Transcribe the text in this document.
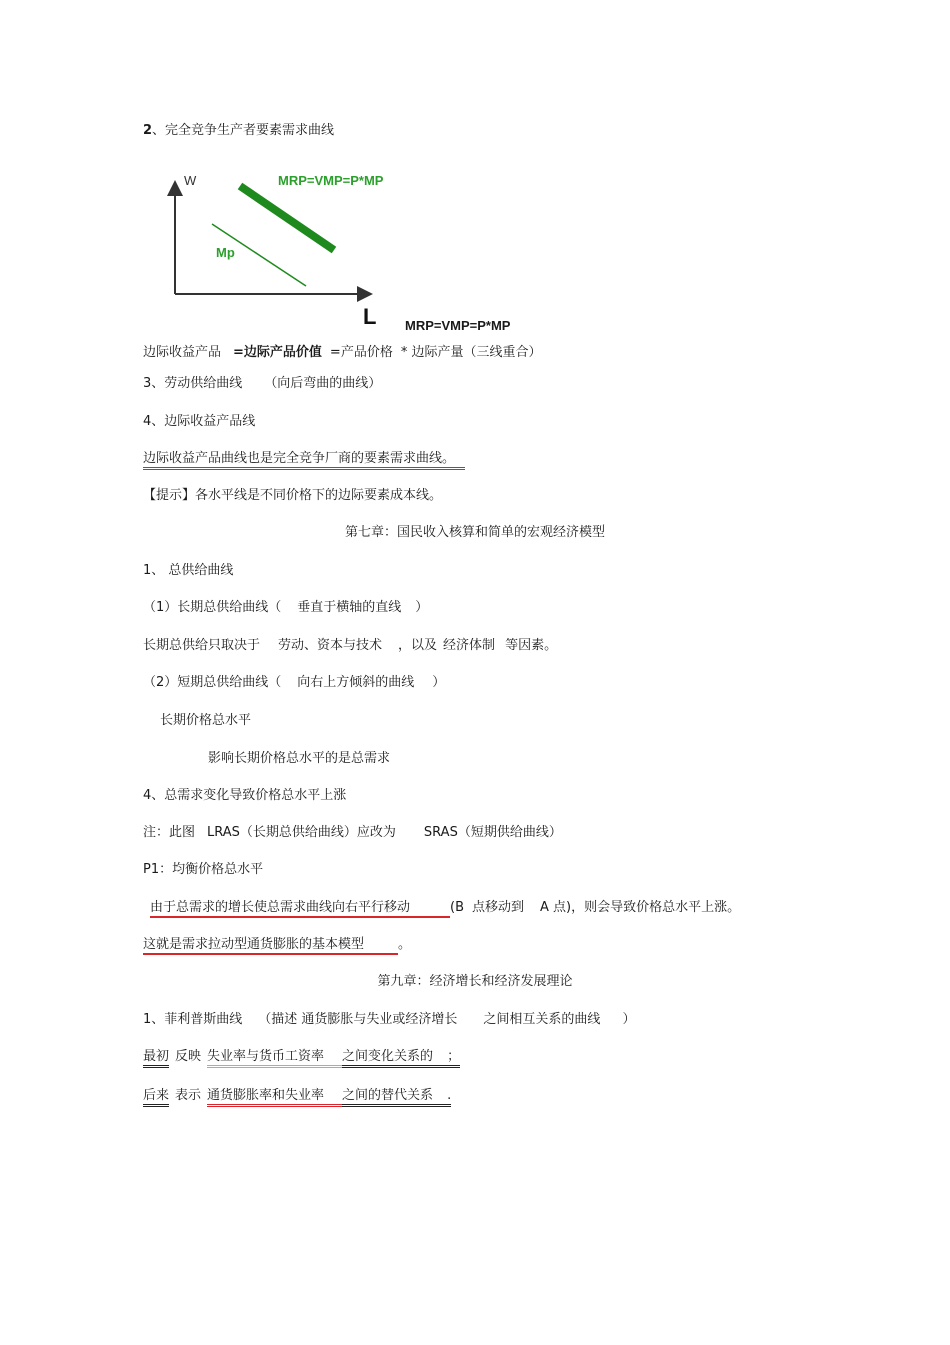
2、完全竞争生产者要素需求曲线
W
L
MRP=VMP=P*MP
Mp
MRP=VMP=P*MP
边际收益产品 =边际产品价值 =产品价格 * 边际产量（三线重合）
3、劳动供给曲线 （向后弯曲的曲线）
4、边际收益产品线
边际收益产品曲线也是完全竞争厂商的要素需求曲线。
【提示】各水平线是不同价格下的边际要素成本线。
第七章：国民收入核算和简单的宏观经济模型
1、 总供给曲线
（1）长期总供给曲线（ 垂直于横轴的直线 ）
长期总供给只取决于 劳动、资本与技术 ，以及 经济体制 等因素。
（2）短期总供给曲线（ 向右上方倾斜的曲线 ）
长期价格总水平
影响长期价格总水平的是总需求
4、总需求变化导致价格总水平上涨
注：此图 LRAS（长期总供给曲线）应改为 SRAS（短期供给曲线）
P1：均衡价格总水平
由于总需求的增长使总需求曲线向右平行移动	(B 点移动到 A 点)，则会导致价格总水平上涨。
这就是需求拉动型通货膨胀的基本模型	。
第九章：经济增长和经济发展理论
1、菲利普斯曲线 （描述 通货膨胀与失业或经济增长 之间相互关系的曲线 ）
最初 反映 失业率与货币工资率 之间变化关系的 ；
后来 表示 通货膨胀率和失业率 之间的替代关系 .
